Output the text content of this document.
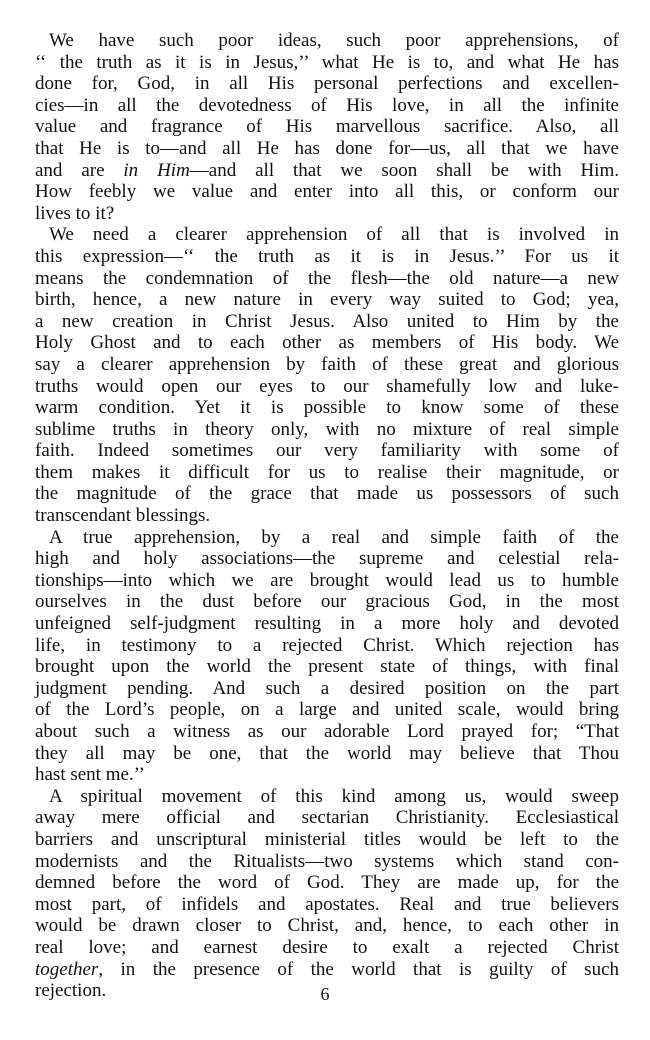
We have such poor ideas, such poor apprehensions, of
‘‘ the truth as it is in Jesus,’’ what He is to, and what He has
done for, God, in all His personal perfections and excellen-
cies—in all the devotedness of His love, in all the infinite
value and fragrance of His marvellous sacrifice. Also, all
that He is to—and all He has done for—us, all that we have
and are in Him—and all that we soon shall be with Him.
How feebly we value and enter into all this, or conform our
lives to it?
We need a clearer apprehension of all that is involved in
this expression—‘‘ the truth as it is in Jesus.’’ For us it
means the condemnation of the flesh—the old nature—a new
birth, hence, a new nature in every way suited to God; yea,
a new creation in Christ Jesus. Also united to Him by the
Holy Ghost and to each other as members of His body. We
say a clearer apprehension by faith of these great and glorious
truths would open our eyes to our shamefully low and luke-
warm condition. Yet it is possible to know some of these
sublime truths in theory only, with no mixture of real simple
faith. Indeed sometimes our very familiarity with some of
them makes it difficult for us to realise their magnitude, or
the magnitude of the grace that made us possessors of such
transcendant blessings.
A true apprehension, by a real and simple faith of the
high and holy associations—the supreme and celestial rela-
tionships—into which we are brought would lead us to humble
ourselves in the dust before our gracious God, in the most
unfeigned self-judgment resulting in a more holy and devoted
life, in testimony to a rejected Christ. Which rejection has
brought upon the world the present state of things, with final
judgment pending. And such a desired position on the part
of the Lord’s people, on a large and united scale, would bring
about such a witness as our adorable Lord prayed for; “That
they all may be one, that the world may believe that Thou
hast sent me.’’
A spiritual movement of this kind among us, would sweep
away mere official and sectarian Christianity. Ecclesiastical
barriers and unscriptural ministerial titles would be left to the
modernists and the Ritualists—two systems which stand con-
demned before the word of God. They are made up, for the
most part, of infidels and apostates. Real and true believers
would be drawn closer to Christ, and, hence, to each other in
real love; and earnest desire to exalt a rejected Christ
together, in the presence of the world that is guilty of such
rejection.	6
